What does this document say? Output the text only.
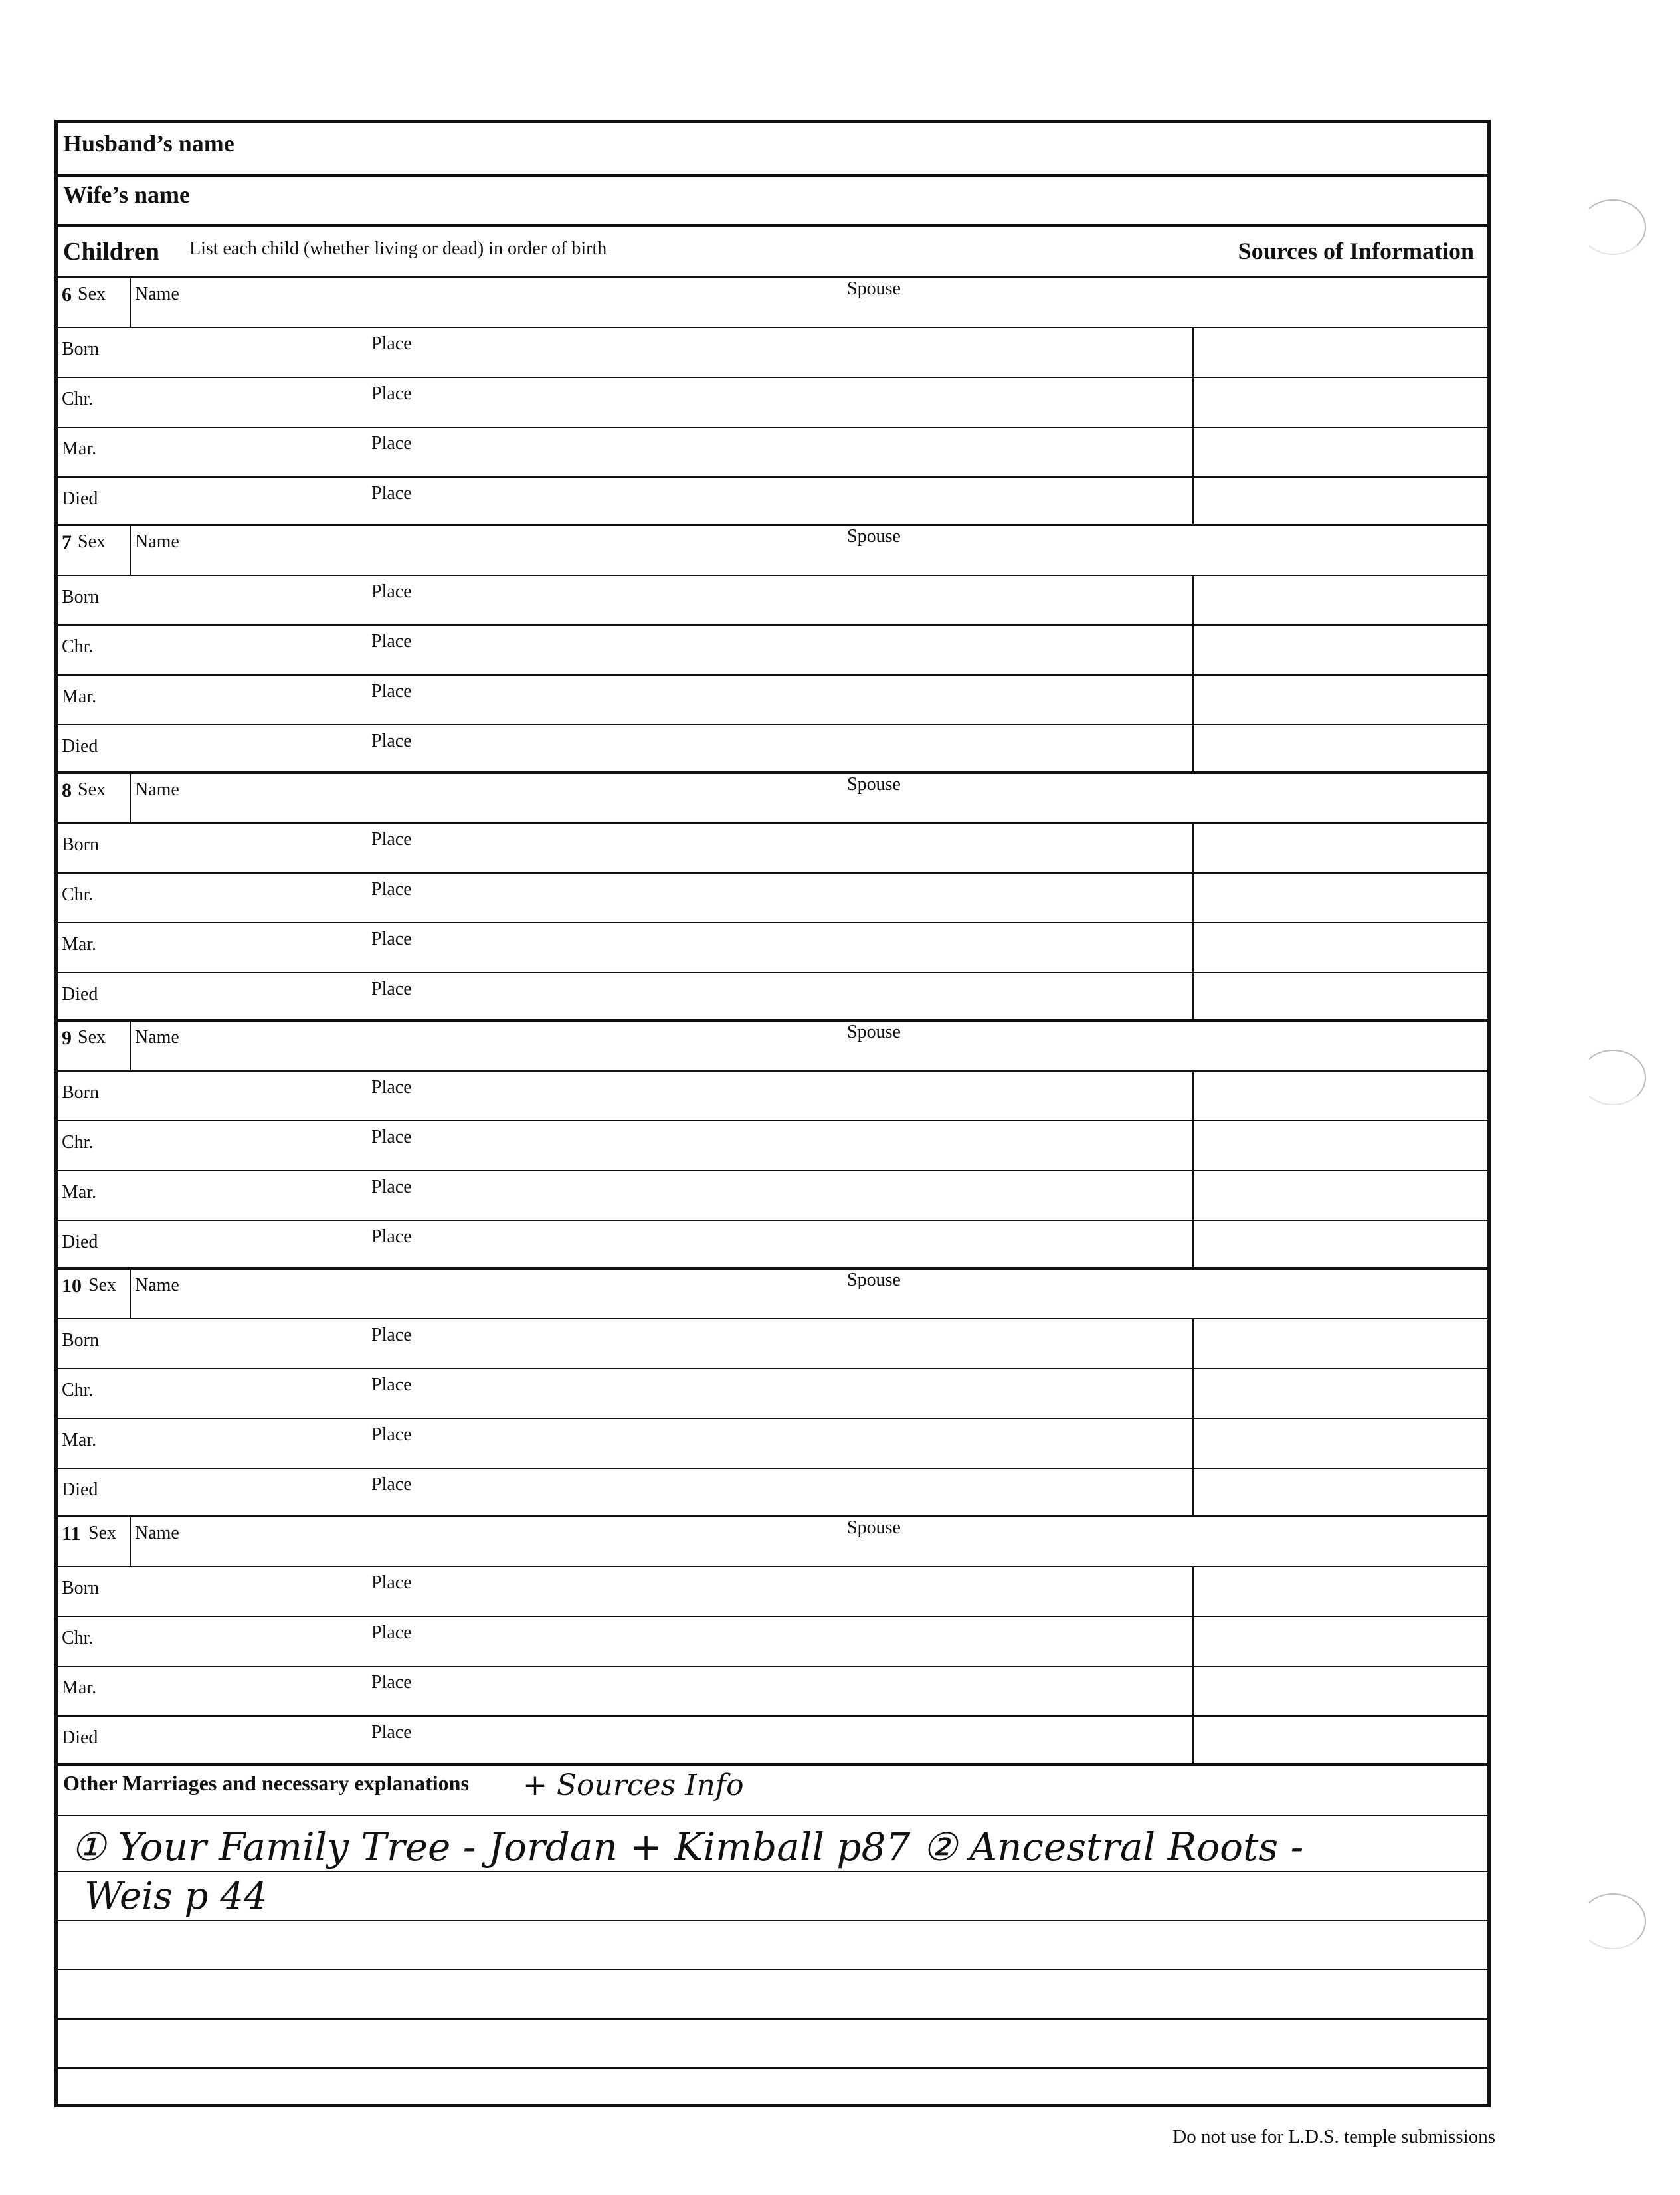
Husband’s name
Wife’s name
Children List each child (whether living or dead) in order of birth	Sources of Information
6 Sex Name	Spouse
Born	Place
Chr.	Place
Mar.	Place
Died	Place
7 Sex Name	Spouse
Born	Place
Chr.	Place
Mar.	Place
Died	Place
8 Sex Name	Spouse
Born	Place
Chr.	Place
Mar.	Place
Died	Place
9 Sex Name	Spouse
Born	Place
Chr.	Place
Mar.	Place
Died	Place
10 Sex Name	Spouse
Born	Place
Chr.	Place
Mar.	Place
Died	Place
11 Sex Name	Spouse
Born	Place
Chr.	Place
Mar.	Place
Died	Place
Other Marriages and necessary explanations + Sources Info
① Your Family Tree - Jordan + Kimball p87 ② Ancestral Roots -
Weis p 44
Do not use for L.D.S. temple submissions
